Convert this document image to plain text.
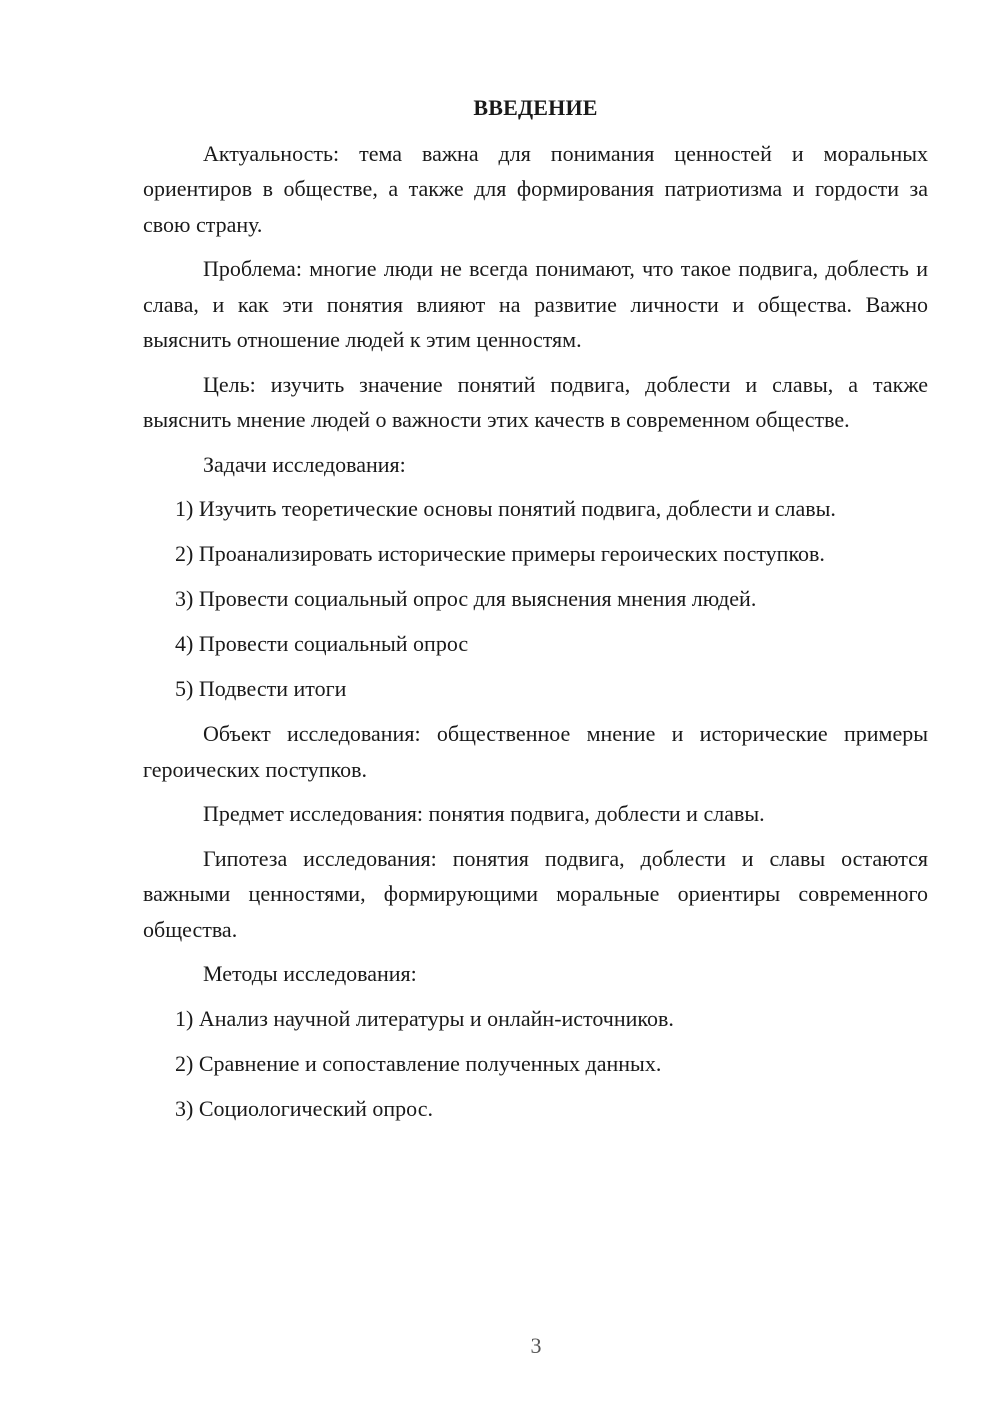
ВВЕДЕНИЕ

Актуальность: тема важна для понимания ценностей и моральных ориентиров в обществе, а также для формирования патриотизма и гордости за свою страну.

Проблема: многие люди не всегда понимают, что такое подвига, доблесть и слава, и как эти понятия влияют на развитие личности и общества. Важно выяснить отношение людей к этим ценностям.

Цель: изучить значение понятий подвига, доблести и славы, а также выяснить мнение людей о важности этих качеств в современном обществе.

Задачи исследования:

1) Изучить теоретические основы понятий подвига, доблести и славы.
2) Проанализировать исторические примеры героических поступков.
3) Провести социальный опрос для выяснения мнения людей.
4) Провести социальный опрос
5) Подвести итоги

Объект исследования: общественное мнение и исторические примеры героических поступков.

Предмет исследования: понятия подвига, доблести и славы.

Гипотеза исследования: понятия подвига, доблести и славы остаются важными ценностями, формирующими моральные ориентиры современного общества.

Методы исследования:

1) Анализ научной литературы и онлайн-источников.
2) Сравнение и сопоставление полученных данных.
3) Социологический опрос.
3
